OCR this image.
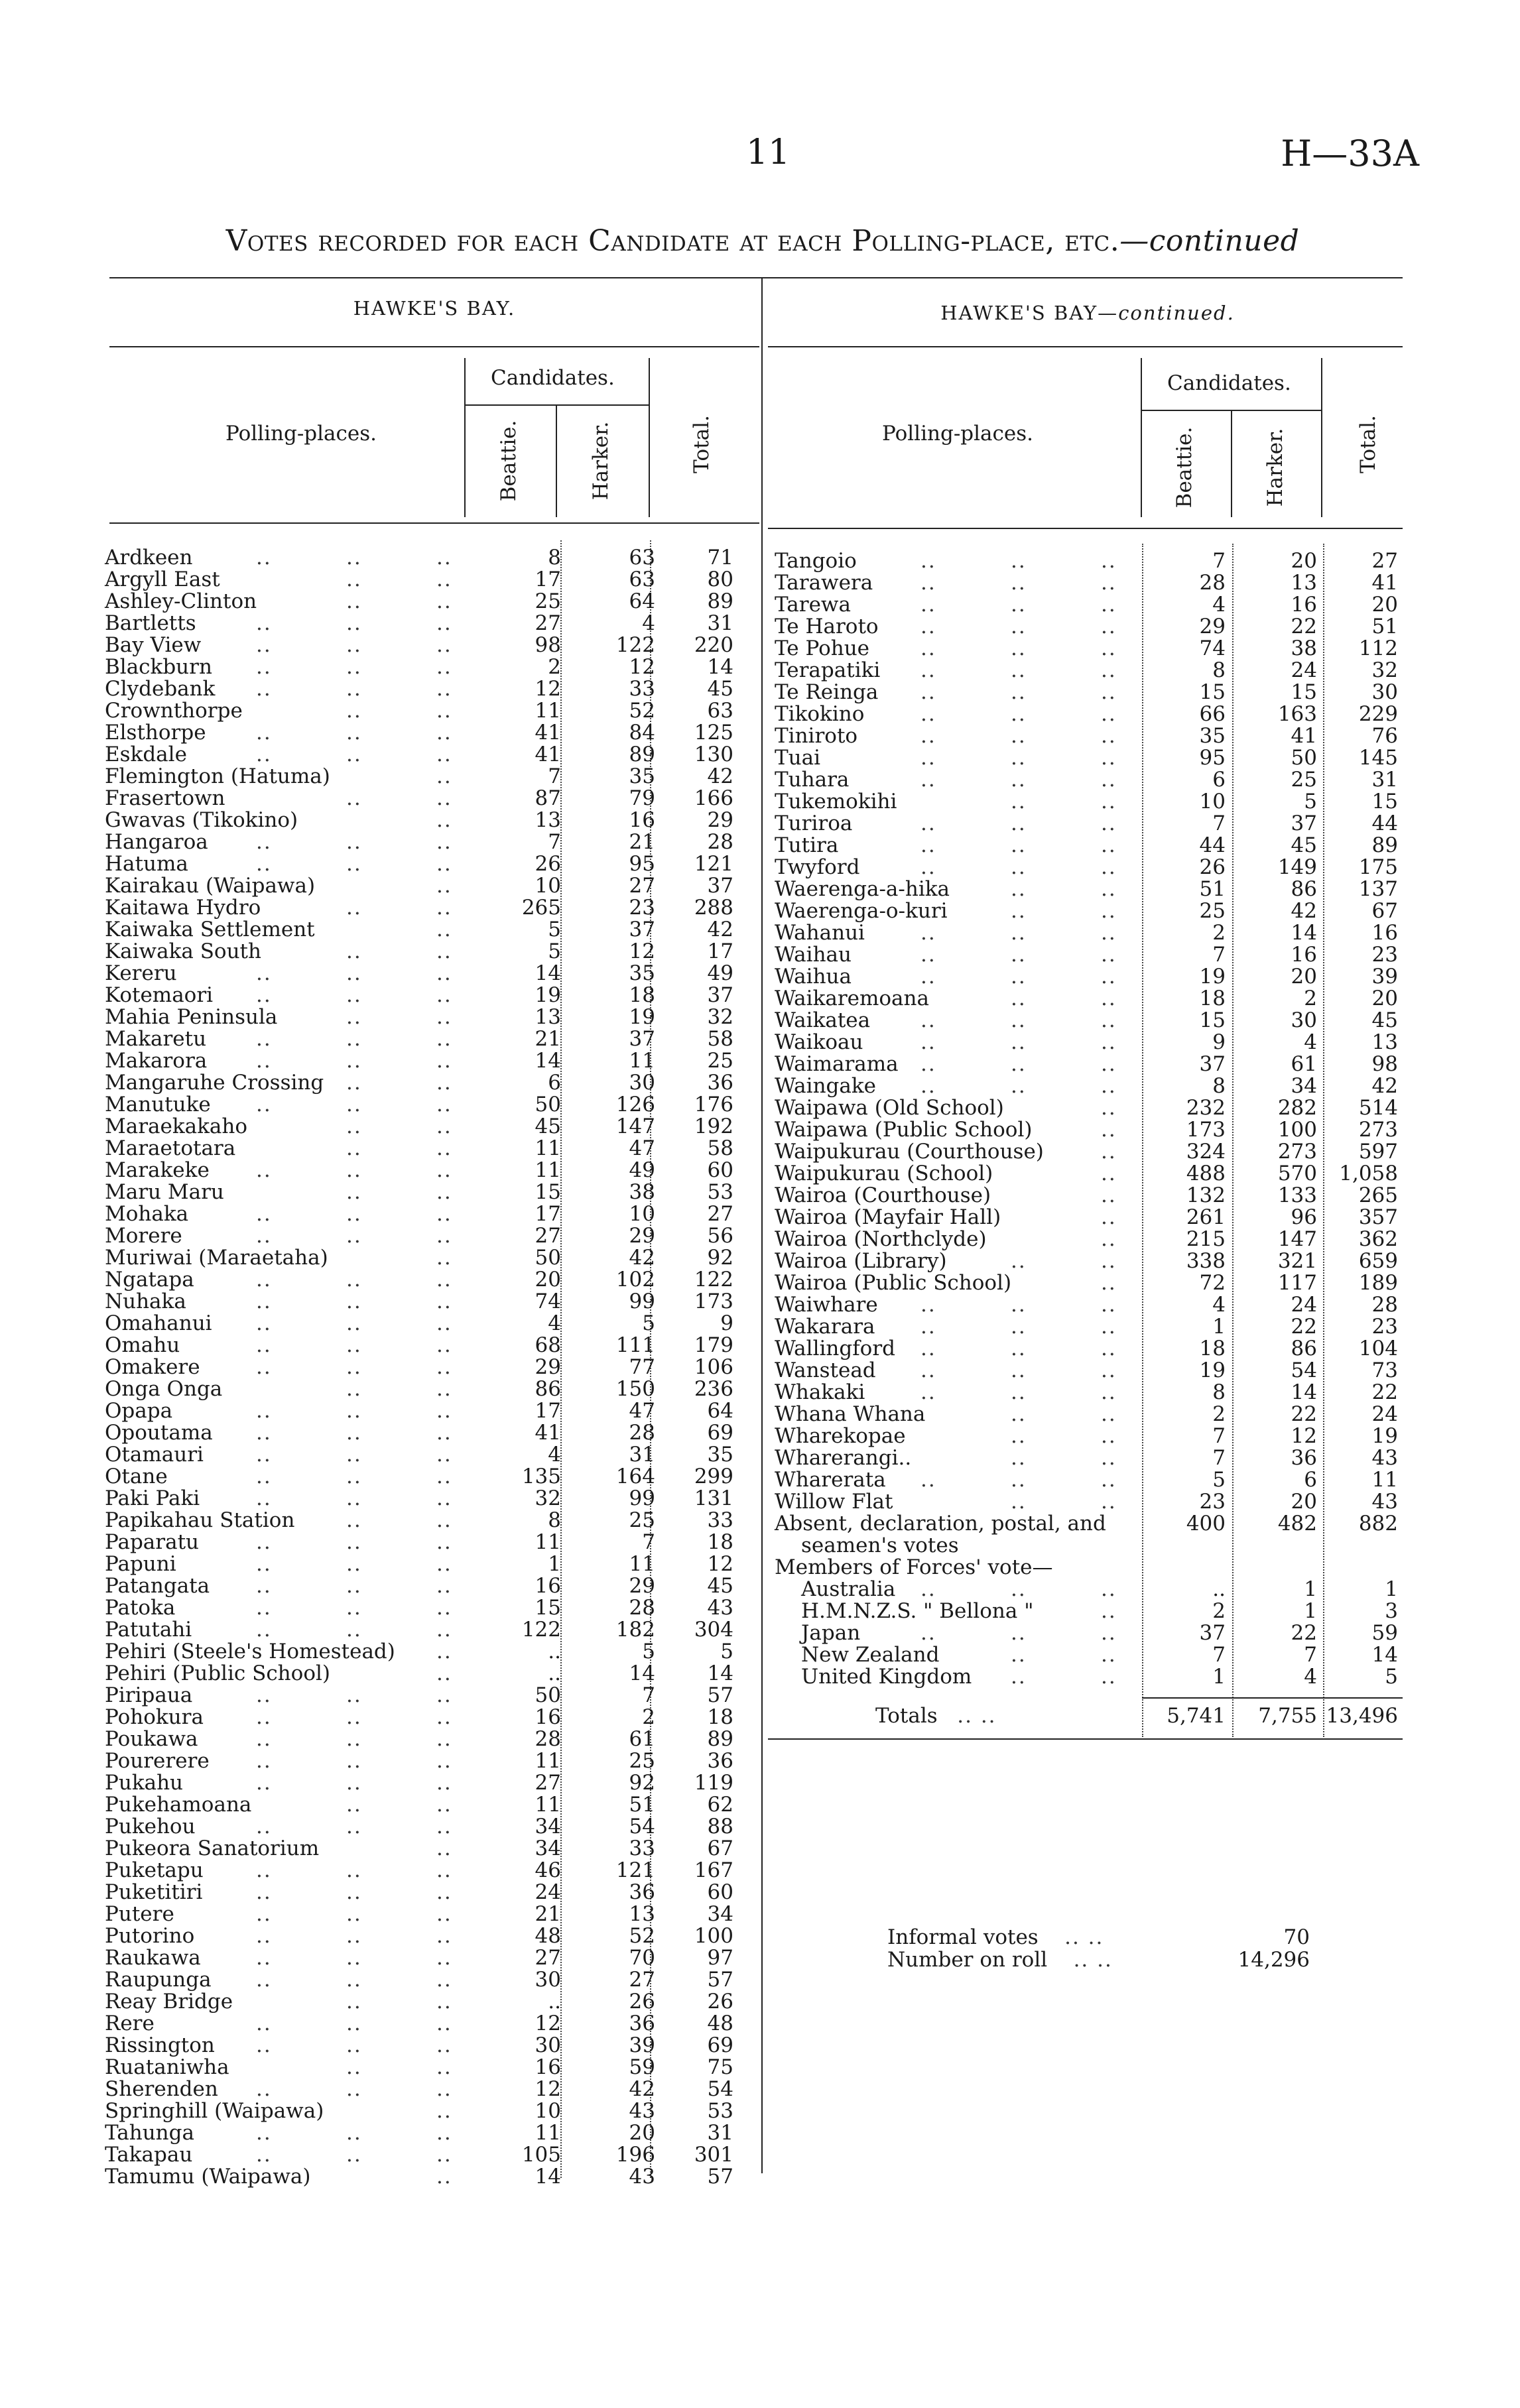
11	H—33A
Votes recorded for each Candidate at each Polling-place, etc.—continued
HAWKE'S BAY.
Polling-places.
Candidates.
Beattie.	Harker.	Total.
Ardkeen	..	..	..	8	63	71
Argyll East	..	..	17	63	80
Ashley-Clinton	..	..	25	64	89
Bartletts	..	..	..	27	4	31
Bay View	..	..	..	98	122	220
Blackburn ..	..	..	2	12	14
Clydebank ..	..	..	12	33	45
Crownthorpe	..	..	11	52	63
Elsthorpe ..	..	..	41	84	125
Eskdale	..	..	..	41	89	130
Flemington (Hatuma)	..	7	35	42
Frasertown	..	..	87	79	166
Gwavas (Tikokino)	..	13	16	29
Hangaroa ..	..	..	7	21	28
Hatuma	..	..	..	26	95	121
Kairakau (Waipawa)	..	10	27	37
Kaitawa Hydro	..	..	265	23	288
Kaiwaka Settlement	..	5	37	42
Kaiwaka South	..	..	5	12	17
Kereru	..	..	..	14	35	49
Kotemaori ..	..	..	19	18	37
Mahia Peninsula	..	..	13	19	32
Makaretu ..	..	..	21	37	58
Makarora ..	..	..	14	11	25
Mangaruhe Crossing ..	..	6	30	36
Manutuke ..	..	..	50	126	176
Maraekakaho	..	..	45	147	192
Maraetotara	..	..	11	47	58
Marakeke ..	..	..	11	49	60
Maru Maru	..	..	15	38	53
Mohaka	..	..	..	17	10	27
Morere	..	..	..	27	29	56
Muriwai (Maraetaha)	..	50	42	92
Ngatapa	..	..	..	20	102	122
Nuhaka	..	..	..	74	99	173
Omahanui ..	..	..	4	5	9
Omahu	..	..	..	68	111	179
Omakere	..	..	..	29	77	106
Onga Onga	..	..	86	150	236
Opapa	..	..	..	17	47	64
Opoutama ..	..	..	41	28	69
Otamauri	..	..	..	4	31	35
Otane	..	..	..	135	164	299
Paki Paki	..	..	..	32	99	131
Papikahau Station	..	..	8	25	33
Paparatu	..	..	..	11	7	18
Papuni	..	..	..	1	11	12
Patangata ..	..	..	16	29	45
Patoka	..	..	..	15	28	43
Patutahi	..	..	..	122	182	304
Pehiri (Steele's Homestead) ..	..	5	5
Pehiri (Public School)	..	..	14	14
Piripaua	..	..	..	50	7	57
Pohokura	..	..	..	16	2	18
Poukawa	..	..	..	28	61	89
Pourerere ..	..	..	11	25	36
Pukahu	..	..	..	27	92	119
Pukehamoana	..	..	11	51	62
Pukehou	..	..	..	34	54	88
Pukeora Sanatorium	..	34	33	67
Puketapu	..	..	..	46	121	167
Puketitiri	..	..	..	24	36	60
Putere	..	..	..	21	13	34
Putorino	..	..	..	48	52	100
Raukawa	..	..	..	27	70	97
Raupunga ..	..	..	30	27	57
Reay Bridge	..	..	..	26	26
Rere	..	..	..	12	36	48
Rissington ..	..	..	30	39	69
Ruataniwha	..	..	16	59	75
Sherenden ..	..	..	12	42	54
Springhill (Waipawa)	..	10	43	53
Tahunga	..	..	..	11	20	31
Takapau	..	..	..	105	196	301
Tamumu (Waipawa)	..	14	43	57
HAWKE'S BAY—continued.
Polling-places.
Candidates.
Beattie.	Harker.	Total.
Tangoio	..	..	..	7	20	27
Tarawera ..	..	..	28	13	41
Tarewa	..	..	..	4	16	20
Te Haroto ..	..	..	29	22	51
Te Pohue ..	..	..	74	38	112
Terapatiki ..	..	..	8	24	32
Te Reinga ..	..	..	15	15	30
Tikokino	..	..	..	66	163	229
Tiniroto	..	..	..	35	41	76
Tuai	..	..	..	95	50	145
Tuhara	..	..	..	6	25	31
Tukemokihi	..	..	10	5	15
Turiroa	..	..	..	7	37	44
Tutira	..	..	..	44	45	89
Twyford	..	..	..	26	149	175
Waerenga-a-hika	..	..	51	86	137
Waerenga-o-kuri	..	..	25	42	67
Wahanui	..	..	..	2	14	16
Waihau	..	..	..	7	16	23
Waihua	..	..	..	19	20	39
Waikaremoana	..	..	18	2	20
Waikatea ..	..	..	15	30	45
Waikoau	..	..	..	9	4	13
Waimarama ..	..	..	37	61	98
Waingake ..	..	..	8	34	42
Waipawa (Old School)	..	232	282	514
Waipawa (Public School)	..	173	100	273
Waipukurau (Courthouse)	..	324	273	597
Waipukurau (School)	..	488	570	1,058
Wairoa (Courthouse)	..	132	133	265
Wairoa (Mayfair Hall)	..	261	96	357
Wairoa (Northclyde)	..	215	147	362
Wairoa (Library)	..	..	338	321	659
Wairoa (Public School)	..	72	117	189
Waiwhare ..	..	..	4	24	28
Wakarara ..	..	..	1	22	23
Wallingford ..	..	..	18	86	104
Wanstead ..	..	..	19	54	73
Whakaki	..	..	..	8	14	22
Whana Whana	..	..	2	22	24
Wharekopae	..	..	7	12	19
Wharerangi..	..	..	7	36	43
Wharerata ..	..	..	5	6	11
Willow Flat	..	..	23	20	43
Absent, declaration, postal, and	400	482	882
seamen's votes
Members of Forces' vote—
Australia ..	..	..	..	1	1
H.M.N.Z.S. " Bellona "	..	2	1	3
Japan	..	..	..	37	22	59
New Zealand	..	..	7	7	14
United Kingdom ..	..	1	4	5
Totals .. ..	5,741	7,755 13,496
Informal votes .. ..	70
Number on roll .. ..	14,296
